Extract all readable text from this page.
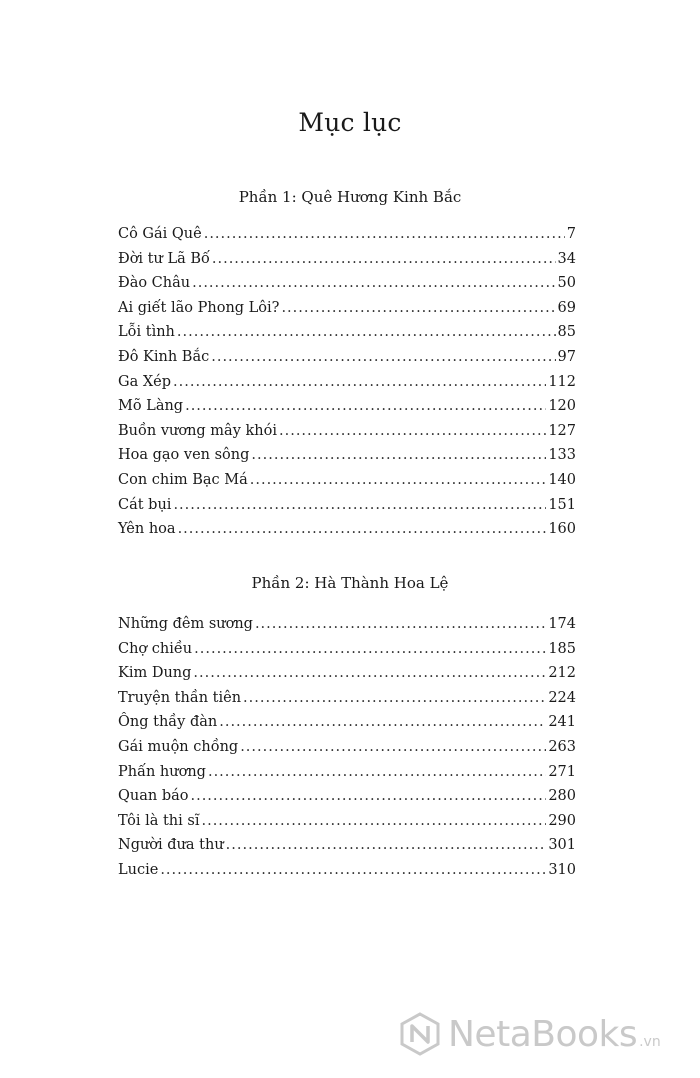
Mục lục
Phần 1: Quê Hương Kinh Bắc
Cô Gái Quê .....	7
Đời tư Lã Bố .....	34
Đào Châu .....	50
Ai giết lão Phong Lôi? .....	69
Lỗi tình .....	85
Đô Kinh Bắc .....	97
Ga Xép .....	112
Mõ Làng .....	120
Buồn vương mây khói .....	127
Hoa gạo ven sông .....	133
Con chim Bạc Má .....	140
Cát bụi .....	151
Yên hoa .....	160
Phần 2: Hà Thành Hoa Lệ
Những đêm sương .....	174
Chợ chiều .....	185
Kim Dung .....	212
Truyện thần tiên .....	224
Ông thầy đàn .....	241
Gái muộn chồng .....	263
Phấn hương .....	271
Quan báo .....	280
Tôi là thi sĩ .....	290
Người đưa thư .....	301
Lucie .....	310
NetaBooks .vn
